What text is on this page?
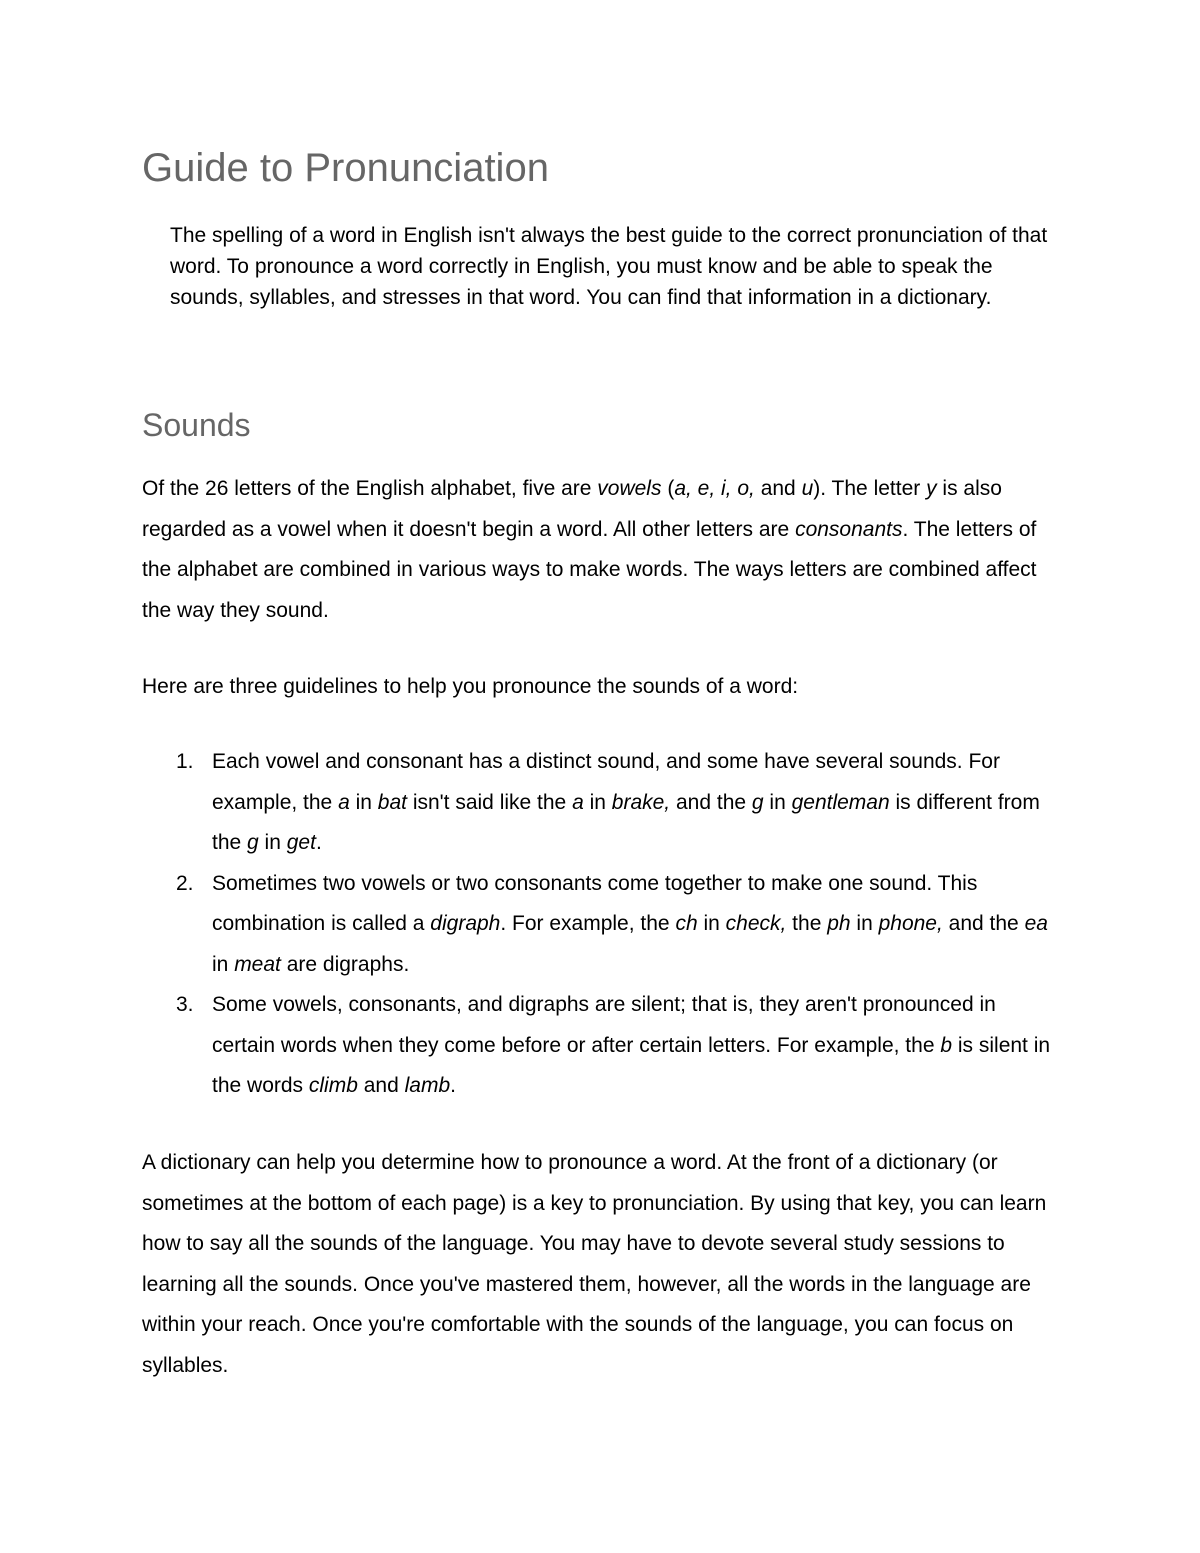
Guide to Pronunciation

The spelling of a word in English isn't always the best guide to the correct pronunciation of that word. To pronounce a word correctly in English, you must know and be able to speak the sounds, syllables, and stresses in that word. You can find that information in a dictionary.

Sounds

Of the 26 letters of the English alphabet, five are vowels (a, e, i, o, and u). The letter y is also regarded as a vowel when it doesn't begin a word. All other letters are consonants. The letters of the alphabet are combined in various ways to make words. The ways letters are combined affect the way they sound.

Here are three guidelines to help you pronounce the sounds of a word:

1. Each vowel and consonant has a distinct sound, and some have several sounds. For example, the a in bat isn't said like the a in brake, and the g in gentleman is different from the g in get.
2. Sometimes two vowels or two consonants come together to make one sound. This combination is called a digraph. For example, the ch in check, the ph in phone, and the ea in meat are digraphs.
3. Some vowels, consonants, and digraphs are silent; that is, they aren't pronounced in certain words when they come before or after certain letters. For example, the b is silent in the words climb and lamb.

A dictionary can help you determine how to pronounce a word. At the front of a dictionary (or sometimes at the bottom of each page) is a key to pronunciation. By using that key, you can learn how to say all the sounds of the language. You may have to devote several study sessions to learning all the sounds. Once you've mastered them, however, all the words in the language are within your reach. Once you're comfortable with the sounds of the language, you can focus on syllables.
